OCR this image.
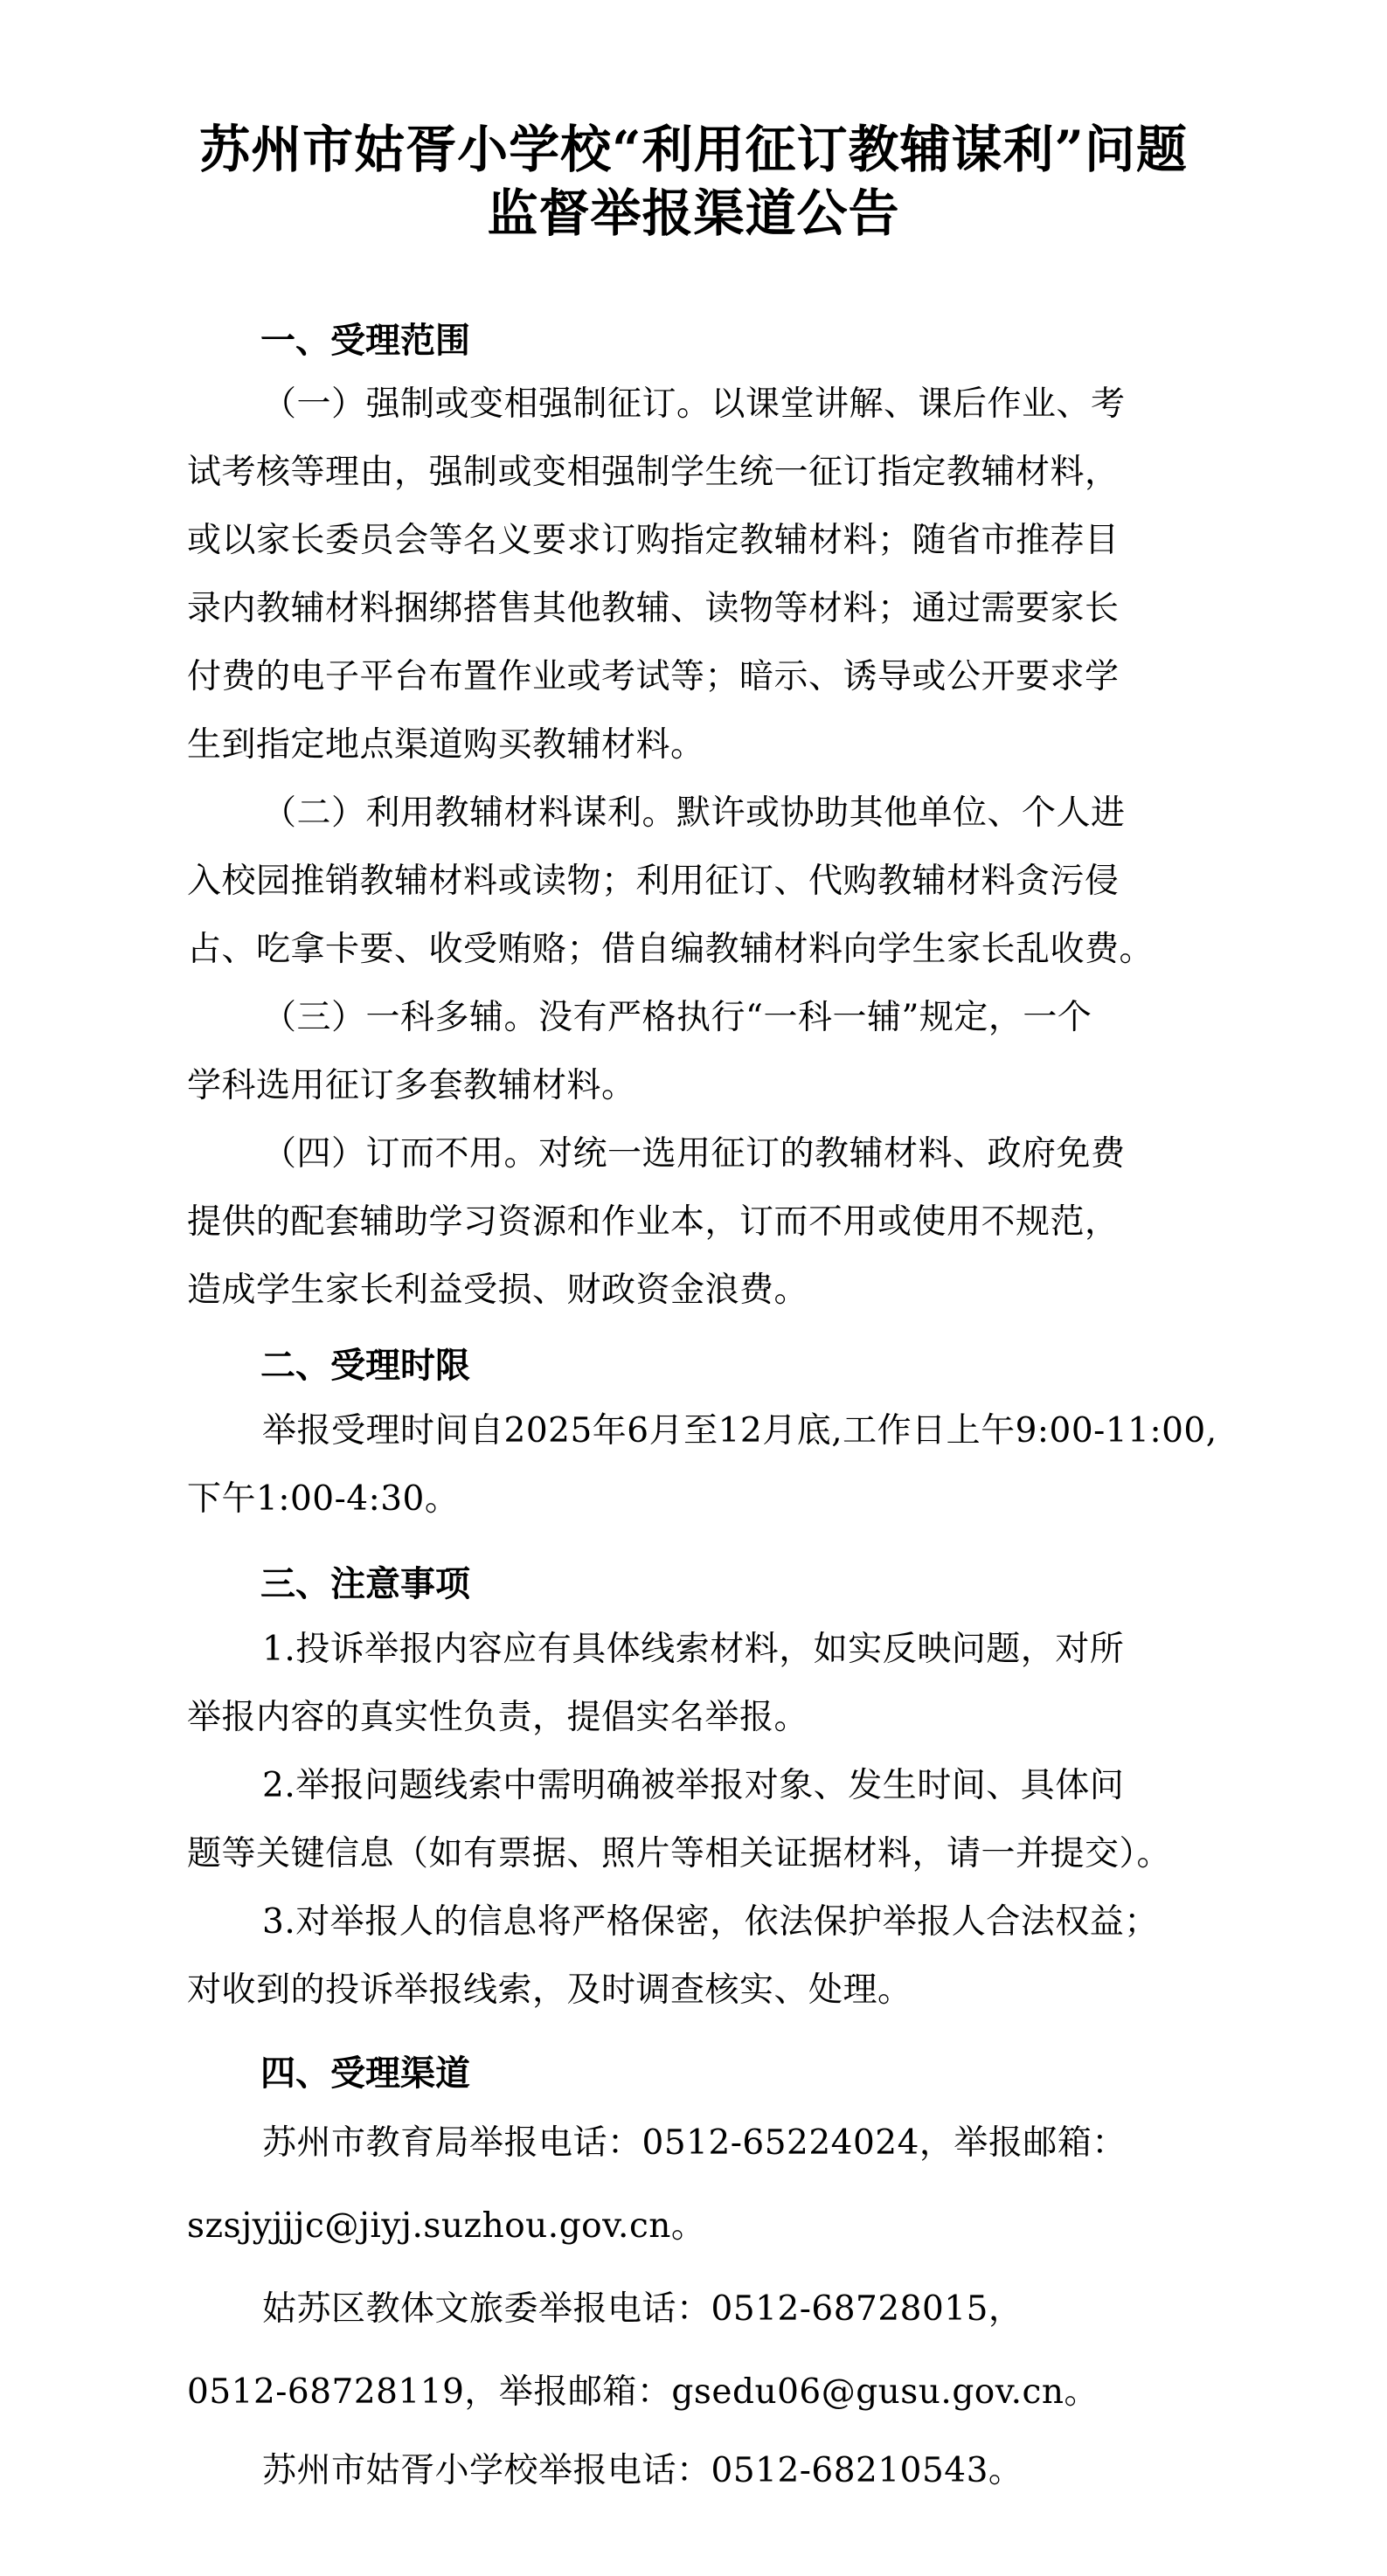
苏州市姑胥小学校“利用征订教辅谋利”问题
监督举报渠道公告
一、受理范围
（一）强制或变相强制征订。以课堂讲解、课后作业、考
试考核等理由，强制或变相强制学生统一征订指定教辅材料，
或以家长委员会等名义要求订购指定教辅材料；随省市推荐目
录内教辅材料捆绑搭售其他教辅、读物等材料；通过需要家长
付费的电子平台布置作业或考试等；暗示、诱导或公开要求学
生到指定地点渠道购买教辅材料。
（二）利用教辅材料谋利。默许或协助其他单位、个人进
入校园推销教辅材料或读物；利用征订、代购教辅材料贪污侵
占、吃拿卡要、收受贿赂；借自编教辅材料向学生家长乱收费。
（三）一科多辅。没有严格执行“一科一辅”规定，一个
学科选用征订多套教辅材料。
（四）订而不用。对统一选用征订的教辅材料、政府免费
提供的配套辅助学习资源和作业本，订而不用或使用不规范，
造成学生家长利益受损、财政资金浪费。
二、受理时限
举报受理时间自2025年6月至12月底,工作日上午9:00-11:00,
下午1:00-4:30。
三、注意事项
1.投诉举报内容应有具体线索材料，如实反映问题，对所
举报内容的真实性负责，提倡实名举报。
2.举报问题线索中需明确被举报对象、发生时间、具体问
题等关键信息（如有票据、照片等相关证据材料，请一并提交）。
3.对举报人的信息将严格保密，依法保护举报人合法权益；
对收到的投诉举报线索，及时调查核实、处理。
四、受理渠道
苏州市教育局举报电话：0512-65224024，举报邮箱：
szsjyjjjc@jiyj.suzhou.gov.cn。
姑苏区教体文旅委举报电话：0512-68728015，
0512-68728119，举报邮箱：gsedu06@gusu.gov.cn。
苏州市姑胥小学校举报电话：0512-68210543。
